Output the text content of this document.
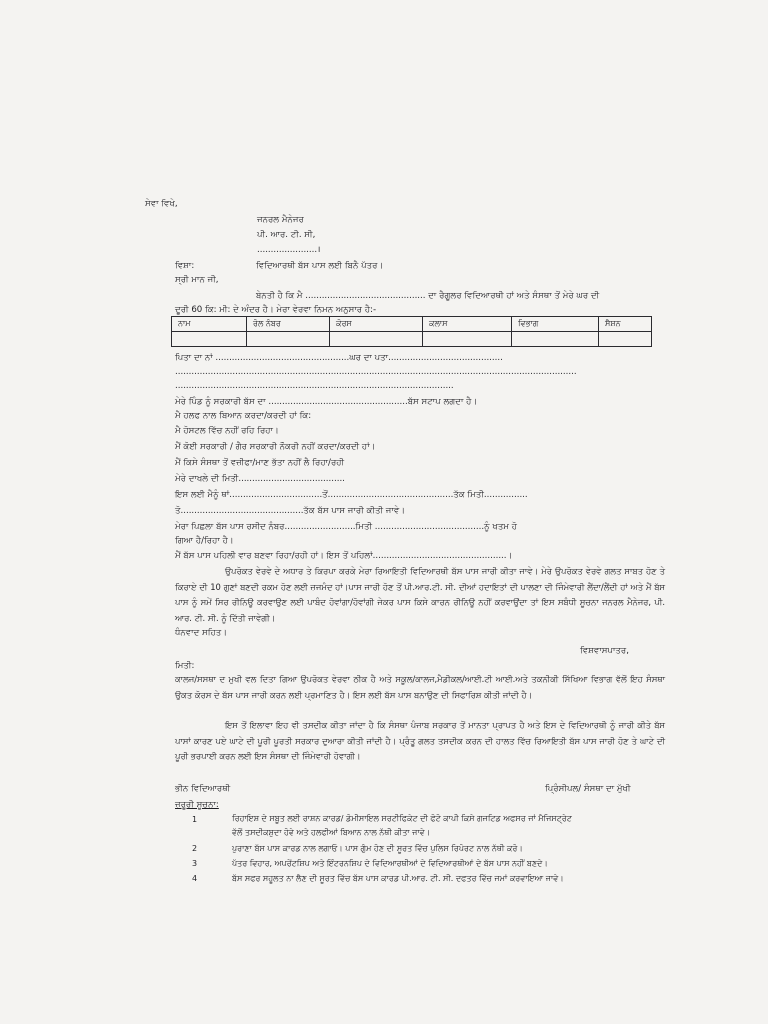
ਸੇਵਾ ਵਿਖੇ,
ਜਨਰਲ ਮੈਨੇਜਰ
ਪੀ. ਆਰ. ਟੀ. ਸੀ,
......................।
ਵਿਸ਼ਾ:	ਵਿਦਿਆਰਥੀ ਬੱਸ ਪਾਸ ਲਈ ਬਿਨੈ ਪੱਤਰ।
ਸ੍ਰੀ ਮਾਨ ਜੀ,
ਬੇਨਤੀ ਹੈ ਕਿ ਮੈ ............................................ ਦਾ ਰੈਗੂਲਰ ਵਿਦਿਆਰਥੀ ਹਾਂ ਅਤੇ ਸੰਸਥਾ ਤੋਂ ਮੇਰੇ ਘਰ ਦੀ
ਦੂਰੀ 60 ਕਿ: ਮੀ: ਦੇ ਅੰਦਰ ਹੈ। ਮੇਰਾ ਵੇਰਵਾ ਨਿਮਨ ਅਨੁਸਾਰ ਹੈ:-
ਨਾਮ	ਰੋਲ ਨੰਬਰ	ਕੋਰਸ	ਕਲਾਸ	ਵਿਭਾਗ	ਸੈਸ਼ਨ

ਪਿਤਾ ਦਾ ਨਾਂ .................................................ਘਰ ਦਾ ਪਤਾ..........................................
...................................................................................................................................................
......................................................................................................
ਮੇਰੇ ਪਿੰਡ ਨੂੰ ਸਰਕਾਰੀ ਬੱਸ ਦਾ ...................................................ਬੱਸ ਸਟਾਪ ਲਗਦਾ ਹੈ।
ਮੈ ਹਲਫ ਨਾਲ ਬਿਆਨ ਕਰਦਾ/ਕਰਦੀ ਹਾਂ ਕਿ:
ਮੈ ਹੋਸਟਲ ਵਿੱਚ ਨਹੀਂ ਰਹਿ ਰਿਹਾ।
ਮੈਂ ਕੋਈ ਸਰਕਾਰੀ / ਗੈਰ ਸਰਕਾਰੀ ਨੌਕਰੀ ਨਹੀਂ ਕਰਦਾ/ਕਰਦੀ ਹਾਂ।
ਮੈਂ ਕਿਸੇ ਸੰਸਥਾ ਤੋਂ ਵਜ਼ੀਫਾ/ਮਾਣ ਭੱਤਾ ਨਹੀਂ ਲੈ ਰਿਹਾ/ਰਹੀ
ਮੇਰੇ ਦਾਖਲੇ ਦੀ ਮਿਤੀ.......................................
ਇਸ ਲਈ ਮੈਨੂੰ ਥਾਂ..................................ਤੋਂ..............................................ਤੱਕ ਮਿਤੀ................
ਤੋ.............................................ਤੱਕ ਬੱਸ ਪਾਸ ਜਾਰੀ ਕੀਤੀ ਜਾਵੇ।
ਮੇਰਾ ਪਿਛਲਾ ਬੱਸ ਪਾਸ ਰਸੀਦ ਨੰਬਰ..........................ਮਿਤੀ ........................................ਨੂੰ ਖਤਮ ਹੋ
ਗਿਆ ਹੈ/ਰਿਹਾ ਹੈ।
ਮੈਂ ਬੱਸ ਪਾਸ ਪਹਿਲੀ ਵਾਰ ਬਣਵਾ ਰਿਹਾ/ਰਹੀ ਹਾਂ। ਇਸ ਤੋਂ ਪਹਿਲਾਂ.................................................।
ਉਪਰੋਕਤ ਵੇਰਵੇ ਦੇ ਅਧਾਰ ਤੇ ਕਿਰਪਾ ਕਰਕੇ ਮੇਰਾ ਰਿਆਇਤੀ ਵਿਦਿਆਰਥੀ ਬੱਸ ਪਾਸ ਜਾਰੀ ਕੀਤਾ ਜਾਵੇ। ਮੇਰੇ ਉਪਰੋਕਤ ਵੇਰਵੇ ਗਲਤ ਸਾਬਤ ਹੋਣ ਤੇ ਕਿਰਾਏ ਦੀ 10 ਗੁਣਾਂ ਬਣਦੀ ਰਕਮ ਹੋਣ ਲਈ ਜ਼ਜਮੰਦ ਹਾਂ।ਪਾਸ ਜਾਰੀ ਹੋਣ ਤੋਂ ਪੀ.ਆਰ.ਟੀ. ਸੀ. ਦੀਆਂ ਹਦਾਇਤਾਂ ਦੀ ਪਾਲਣਾ ਦੀ ਜਿੰਮੇਵਾਰੀ ਲੈਂਦਾ/ਲੈਂਦੀ ਹਾਂ ਅਤੇ ਮੈਂ ਬੱਸ ਪਾਸ ਨੂੰ ਸਮੇਂ ਸਿਰ ਰੀਨਿਊ ਕਰਵਾਉਣ ਲਈ ਪਾਬੰਦ ਹੋਵਾਂਗਾ/ਹੋਵਾਂਗੀ ਜੇਕਰ ਪਾਸ ਕਿਸੇ ਕਾਰਨ ਰੀਨਿਊ ਨਹੀਂ ਕਰਵਾਉਂਦਾ ਤਾਂ ਇਸ ਸਬੰਧੀ ਸੂਚਨਾ ਜਨਰਲ ਮੈਨੇਜਰ, ਪੀ. ਆਰ. ਟੀ. ਸੀ. ਨੂੰ ਦਿੱਤੀ ਜਾਵੇਗੀ।
ਧੰਨਵਾਦ ਸਹਿਤ।
ਵਿਸ਼ਵਾਸਪਾਤਰ,
ਮਿਤੀ:
ਕਾਲਜ/ਸਸਥਾ ਦ ਮੁਖੀ ਵਲ ਦਿਤਾ ਗਿਆ ਉਪਰੋਕਤ ਵੇਰਵਾ ਠੀਕ ਹੈ ਅਤੇ ਸਕੂਲ/ਕਾਲਜ,ਮੈਡੀਕਲ/ਆਈ.ਟੀ ਆਈ.ਅਤੇ ਤਕਨੀਕੀ ਸਿੱਖਿਆ ਵਿਭਾਗ ਵੱਲੋਂ ਇਹ ਸੰਸਥਾ ਉਕਤ ਕੋਰਸ ਦੇ ਬੱਸ ਪਾਸ ਜਾਰੀ ਕਰਨ ਲਈ ਪ੍ਰਮਾਣਿਤ ਹੈ। ਇਸ ਲਈ ਬੱਸ ਪਾਸ ਬਨਾਉਣ ਦੀ ਸਿਫਾਰਿਸ਼ ਕੀਤੀ ਜਾਂਦੀ ਹੈ।
ਇਸ ਤੋਂ ਇਲਾਵਾ ਇਹ ਵੀ ਤਸਦੀਕ ਕੀਤਾ ਜਾਂਦਾ ਹੈ ਕਿ ਸੰਸਥਾ ਪੰਜਾਬ ਸਰਕਾਰ ਤੋਂ ਮਾਨਤਾ ਪ੍ਰਾਪਤ ਹੈ ਅਤੇ ਇਸ ਦੇ ਵਿਦਿਆਰਥੀ ਨੂੰ ਜਾਰੀ ਕੀਤੇ ਬੱਸ ਪਾਸਾਂ ਕਾਰਣ ਪਏ ਘਾਟੇ ਦੀ ਪੂਰੀ ਪੂਰਤੀ ਸਰਕਾਰ ਦੁਆਰਾ ਕੀਤੀ ਜਾਂਦੀ ਹੈ। ਪ੍ਰੰਤੂ ਗਲਤ ਤਸਦੀਕ ਕਰਨ ਦੀ ਹਾਲਤ ਵਿੱਚ ਰਿਆਇਤੀ ਬੱਸ ਪਾਸ ਜਾਰੀ ਹੋਣ ਤੇ ਘਾਟੇ ਦੀ ਪੂਰੀ ਭਰਪਾਈ ਕਰਨ ਲਈ ਇਸ ਸੰਸਥਾ ਦੀ ਜਿੰਮੇਵਾਰੀ ਹੋਵਾਗੀ।
ਭੀਨ ਵਿਦਿਆਰਥੀ	ਪ੍ਰਿੰਸੀਪਲ/ ਸੰਸਥਾ ਦਾ ਮੁੱਖੀ
ਜ਼ਰੂਰੀ ਸੂਚਨਾ:
1	ਰਿਹਾਇਸ਼ ਦੇ ਸਬੂਤ ਲਈ ਰਾਸ਼ਨ ਕਾਰਡ/ ਡੋਮੀਸਾਇਲ ਸਰਟੀਫਿਕੇਟ ਦੀ ਫੋਟੋ ਕਾਪੀ ਕਿਸੇ ਗਜਟਿਡ ਅਫਸਰ ਜਾਂ ਮੈਜਿਸਟ੍ਰੇਟ
ਵੱਲੋਂ ਤਸਦੀਕਸ਼ੁਦਾ ਹੋਵੇ ਅਤੇ ਹਲਫੀਆਂ ਬਿਆਨ ਨਾਲ ਨੱਥੀ ਕੀਤਾ ਜਾਵੇ।
2	ਪੁਰਾਣਾ ਬੱਸ ਪਾਸ ਕਾਰਡ ਨਾਲ ਲਗਾਓ। ਪਾਸ ਗੁੰਮ ਹੋਣ ਦੀ ਸੂਰਤ ਵਿੱਚ ਪੁਲਿਸ ਰਿਪੋਰਟ ਨਾਲ ਨੱਥੀ ਕਰੋ।
3	ਪੱਤਰ ਵਿਹਾਰ, ਅਪਰੇਂਟਸ਼ਿਪ ਅਤੇ ਇੰਟਰਨਸ਼ਿਪ ਦੇ ਵਿਦਿਆਰਥੀਆਂ ਦੇ ਵਿਦਿਆਰਥੀਆਂ ਦੇ ਬੱਸ ਪਾਸ ਨਹੀਂ ਬਣਦੇ।
4	ਬੱਸ ਸਫਰ ਸਹੂਲਤ ਨਾ ਲੈਣ ਦੀ ਸੂਰਤ ਵਿੱਚ ਬੱਸ ਪਾਸ ਕਾਰਡ ਪੀ.ਆਰ. ਟੀ. ਸੀ. ਦਫਤਰ ਵਿੱਚ ਜਮਾਂ ਕਰਵਾਇਆ ਜਾਵੇ।
